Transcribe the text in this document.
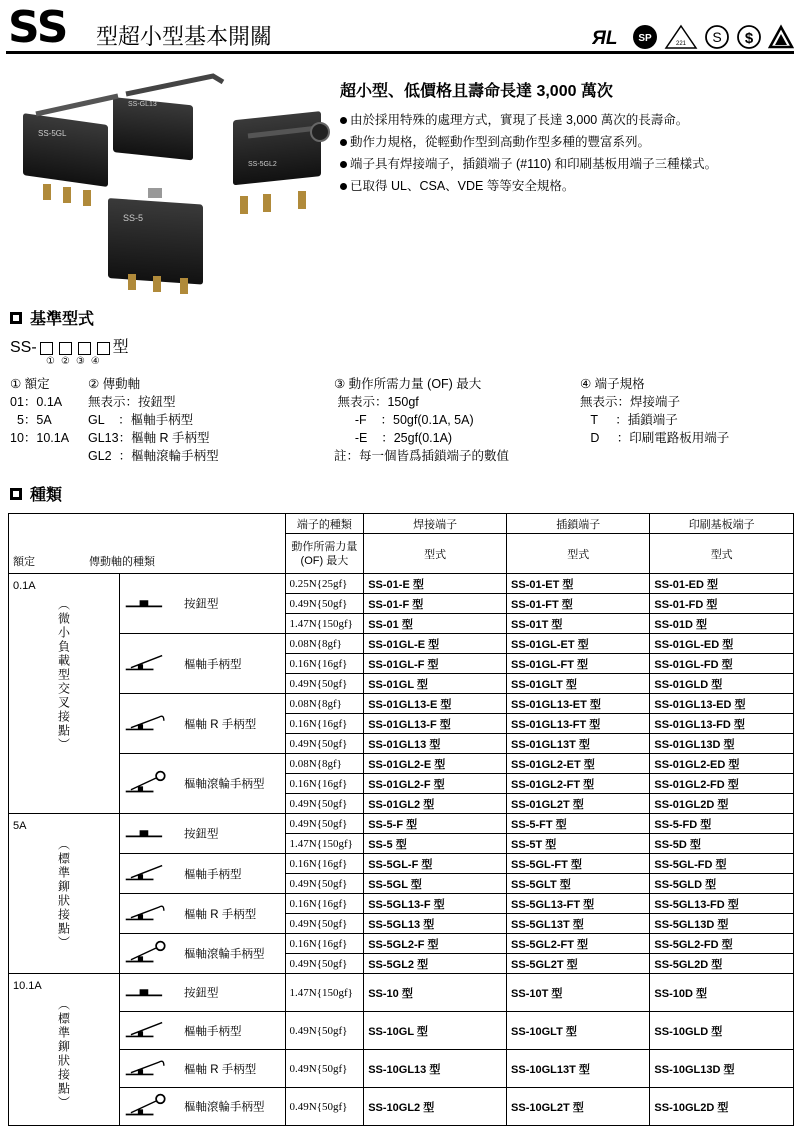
SS 型超小型基本開關	ЯL SP	221 S $
SS-GL13
SS-5GL
SS-5GL2
SS-5
超小型、低價格且壽命長達 3,000 萬次
由於採用特殊的處理方式，實現了長達 3,000 萬次的長壽命。
動作力規格，從輕動作型到高動作型多種的豐富系列。
端子具有焊接端子，插鎖端子 (#110) 和印刷基板用端子三種樣式。
已取得 UL、CSA、VDE 等等安全規格。
基準型式
SS-	型
① ② ③ ④
① 額定
01：0.1A
5：5A
10：10.1A
② 傳動軸
無表示：按鈕型
GL    ：樞軸手柄型
GL13：樞軸 R 手柄型
GL2  ：樞軸滾輪手柄型
③ 動作所需力量 (OF) 最大
無表示：150gf
-F    ：50gf(0.1A, 5A)
-E    ：25gf(0.1A)
註：每一個皆爲插鎖端子的數值
④ 端子規格
無表示：焊接端子
T     ：插鎖端子
D     ：印刷電路板用端子
種類
額定 傳動軸的種類		端子的種類	焊接端子	插鎖端子	印刷基板端子
		動作所需力量
(OF) 最大	型式	型式	型式
0.1A
︵微小負載型交叉接點︶	按鈕型	0.25N{25gf}	SS-01-E 型	SS-01-ET 型	SS-01-ED 型
		0.49N{50gf}	SS-01-F 型	SS-01-FT 型	SS-01-FD 型
		1.47N{150gf}	SS-01 型	SS-01T 型	SS-01D 型
	樞軸手柄型	0.08N{8gf}	SS-01GL-E 型	SS-01GL-ET 型	SS-01GL-ED 型
		0.16N{16gf}	SS-01GL-F 型	SS-01GL-FT 型	SS-01GL-FD 型
		0.49N{50gf}	SS-01GL 型	SS-01GLT 型	SS-01GLD 型
	樞軸 R 手柄型	0.08N{8gf}	SS-01GL13-E 型	SS-01GL13-ET 型	SS-01GL13-ED 型
		0.16N{16gf}	SS-01GL13-F 型	SS-01GL13-FT 型	SS-01GL13-FD 型
		0.49N{50gf}	SS-01GL13 型	SS-01GL13T 型	SS-01GL13D 型
	樞軸滾輪手柄型	0.08N{8gf}	SS-01GL2-E 型	SS-01GL2-ET 型	SS-01GL2-ED 型
		0.16N{16gf}	SS-01GL2-F 型	SS-01GL2-FT 型	SS-01GL2-FD 型
		0.49N{50gf}	SS-01GL2 型	SS-01GL2T 型	SS-01GL2D 型
5A
︵標準鉚狀接點︶	按鈕型	0.49N{50gf}	SS-5-F 型	SS-5-FT 型	SS-5-FD 型
		1.47N{150gf}	SS-5 型	SS-5T 型	SS-5D 型
	樞軸手柄型	0.16N{16gf}	SS-5GL-F 型	SS-5GL-FT 型	SS-5GL-FD 型
		0.49N{50gf}	SS-5GL 型	SS-5GLT 型	SS-5GLD 型
	樞軸 R 手柄型	0.16N{16gf}	SS-5GL13-F 型	SS-5GL13-FT 型	SS-5GL13-FD 型
		0.49N{50gf}	SS-5GL13 型	SS-5GL13T 型	SS-5GL13D 型
	樞軸滾輪手柄型	0.16N{16gf}	SS-5GL2-F 型	SS-5GL2-FT 型	SS-5GL2-FD 型
		0.49N{50gf}	SS-5GL2 型	SS-5GL2T 型	SS-5GL2D 型
10.1A
︵標準鉚狀接點︶	按鈕型	1.47N{150gf}	SS-10 型	SS-10T 型	SS-10D 型
	樞軸手柄型	0.49N{50gf}	SS-10GL 型	SS-10GLT 型	SS-10GLD 型
	樞軸 R 手柄型	0.49N{50gf}	SS-10GL13 型	SS-10GL13T 型	SS-10GL13D 型
	樞軸滾輪手柄型	0.49N{50gf}	SS-10GL2 型	SS-10GL2T 型	SS-10GL2D 型
